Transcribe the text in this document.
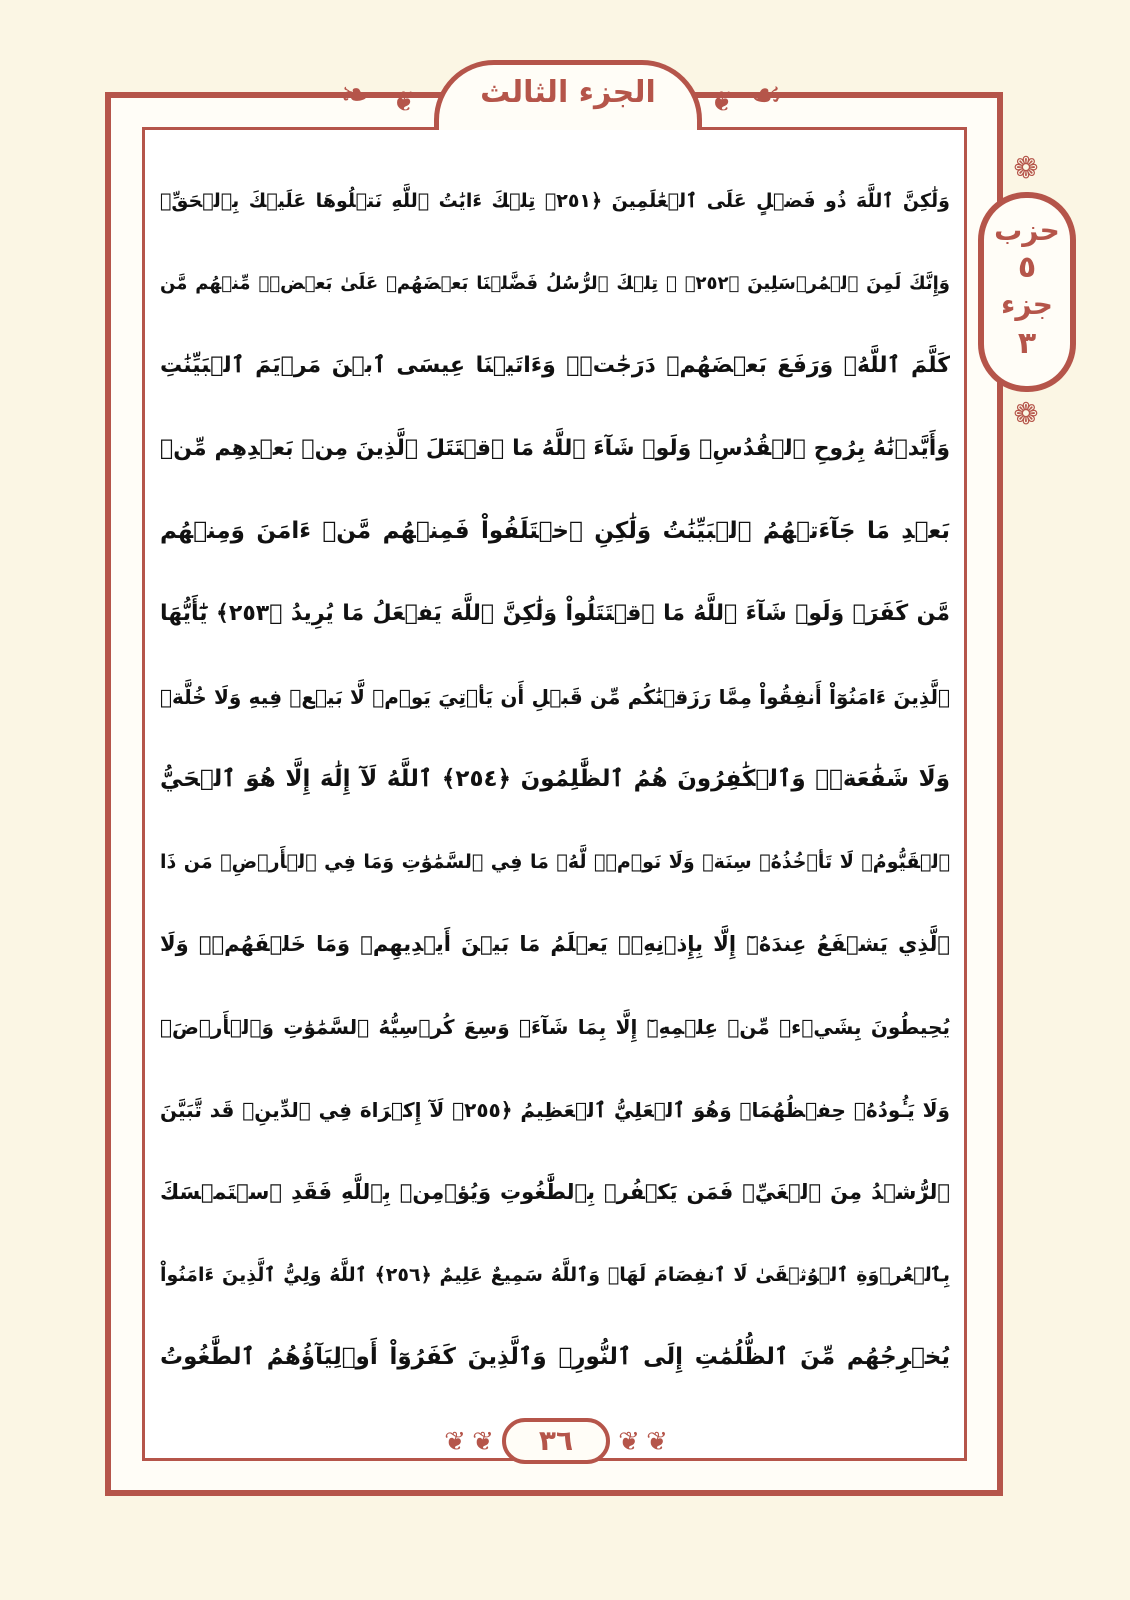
❧ ❦	الجزء الثالث	❦ ☙
❁
حزب
٥
جزء
٣
❁
وَلَٰكِنَّ ٱللَّهَ ذُو فَضۡلٍ عَلَى ٱلۡعَٰلَمِينَ ﴿٢٥١﴾ تِلۡكَ ءَايَٰتُ ٱللَّهِ نَتۡلُوهَا عَلَيۡكَ بِٱلۡحَقِّۚ
وَإِنَّكَ لَمِنَ ٱلۡمُرۡسَلِينَ ﴿٢٥٢﴾ ۞ تِلۡكَ ٱلرُّسُلُ فَضَّلۡنَا بَعۡضَهُمۡ عَلَىٰ بَعۡضٖۘ مِّنۡهُم مَّن
كَلَّمَ ٱللَّهُۖ وَرَفَعَ بَعۡضَهُمۡ دَرَجَٰتٖۚ وَءَاتَيۡنَا عِيسَى ٱبۡنَ مَرۡيَمَ ٱلۡبَيِّنَٰتِ
وَأَيَّدۡنَٰهُ بِرُوحِ ٱلۡقُدُسِۗ وَلَوۡ شَآءَ ٱللَّهُ مَا ٱقۡتَتَلَ ٱلَّذِينَ مِنۢ بَعۡدِهِم مِّنۢ
بَعۡدِ مَا جَآءَتۡهُمُ ٱلۡبَيِّنَٰتُ وَلَٰكِنِ ٱخۡتَلَفُواْ فَمِنۡهُم مَّنۡ ءَامَنَ وَمِنۡهُم
مَّن كَفَرَۚ وَلَوۡ شَآءَ ٱللَّهُ مَا ٱقۡتَتَلُواْ وَلَٰكِنَّ ٱللَّهَ يَفۡعَلُ مَا يُرِيدُ ﴿٢٥٣﴾ يَٰٓأَيُّهَا
ٱلَّذِينَ ءَامَنُوٓاْ أَنفِقُواْ مِمَّا رَزَقۡنَٰكُم مِّن قَبۡلِ أَن يَأۡتِيَ يَوۡمٞ لَّا بَيۡعٞ فِيهِ وَلَا خُلَّةٞ
وَلَا شَفَٰعَةٞۗ وَٱلۡكَٰفِرُونَ هُمُ ٱلظَّٰلِمُونَ ﴿٢٥٤﴾ ٱللَّهُ لَآ إِلَٰهَ إِلَّا هُوَ ٱلۡحَيُّ
ٱلۡقَيُّومُۚ لَا تَأۡخُذُهُۥ سِنَةٞ وَلَا نَوۡمٞۚ لَّهُۥ مَا فِي ٱلسَّمَٰوَٰتِ وَمَا فِي ٱلۡأَرۡضِۗ مَن ذَا
ٱلَّذِي يَشۡفَعُ عِندَهُۥٓ إِلَّا بِإِذۡنِهِۦۚ يَعۡلَمُ مَا بَيۡنَ أَيۡدِيهِمۡ وَمَا خَلۡفَهُمۡۖ وَلَا
يُحِيطُونَ بِشَيۡءٖ مِّنۡ عِلۡمِهِۦٓ إِلَّا بِمَا شَآءَۚ وَسِعَ كُرۡسِيُّهُ ٱلسَّمَٰوَٰتِ وَٱلۡأَرۡضَۖ
وَلَا يَـُٔودُهُۥ حِفۡظُهُمَاۚ وَهُوَ ٱلۡعَلِيُّ ٱلۡعَظِيمُ ﴿٢٥٥﴾ لَآ إِكۡرَاهَ فِي ٱلدِّينِۖ قَد تَّبَيَّنَ
ٱلرُّشۡدُ مِنَ ٱلۡغَيِّۚ فَمَن يَكۡفُرۡ بِٱلطَّٰغُوتِ وَيُؤۡمِنۢ بِٱللَّهِ فَقَدِ ٱسۡتَمۡسَكَ
بِٱلۡعُرۡوَةِ ٱلۡوُثۡقَىٰ لَا ٱنفِصَامَ لَهَاۗ وَٱللَّهُ سَمِيعٌ عَلِيمٌ ﴿٢٥٦﴾ ٱللَّهُ وَلِيُّ ٱلَّذِينَ ءَامَنُواْ
يُخۡرِجُهُم مِّنَ ٱلظُّلُمَٰتِ إِلَى ٱلنُّورِۖ وَٱلَّذِينَ كَفَرُوٓاْ أَوۡلِيَآؤُهُمُ ٱلطَّٰغُوتُ
❦ ❦	٣٦	❦ ❦
